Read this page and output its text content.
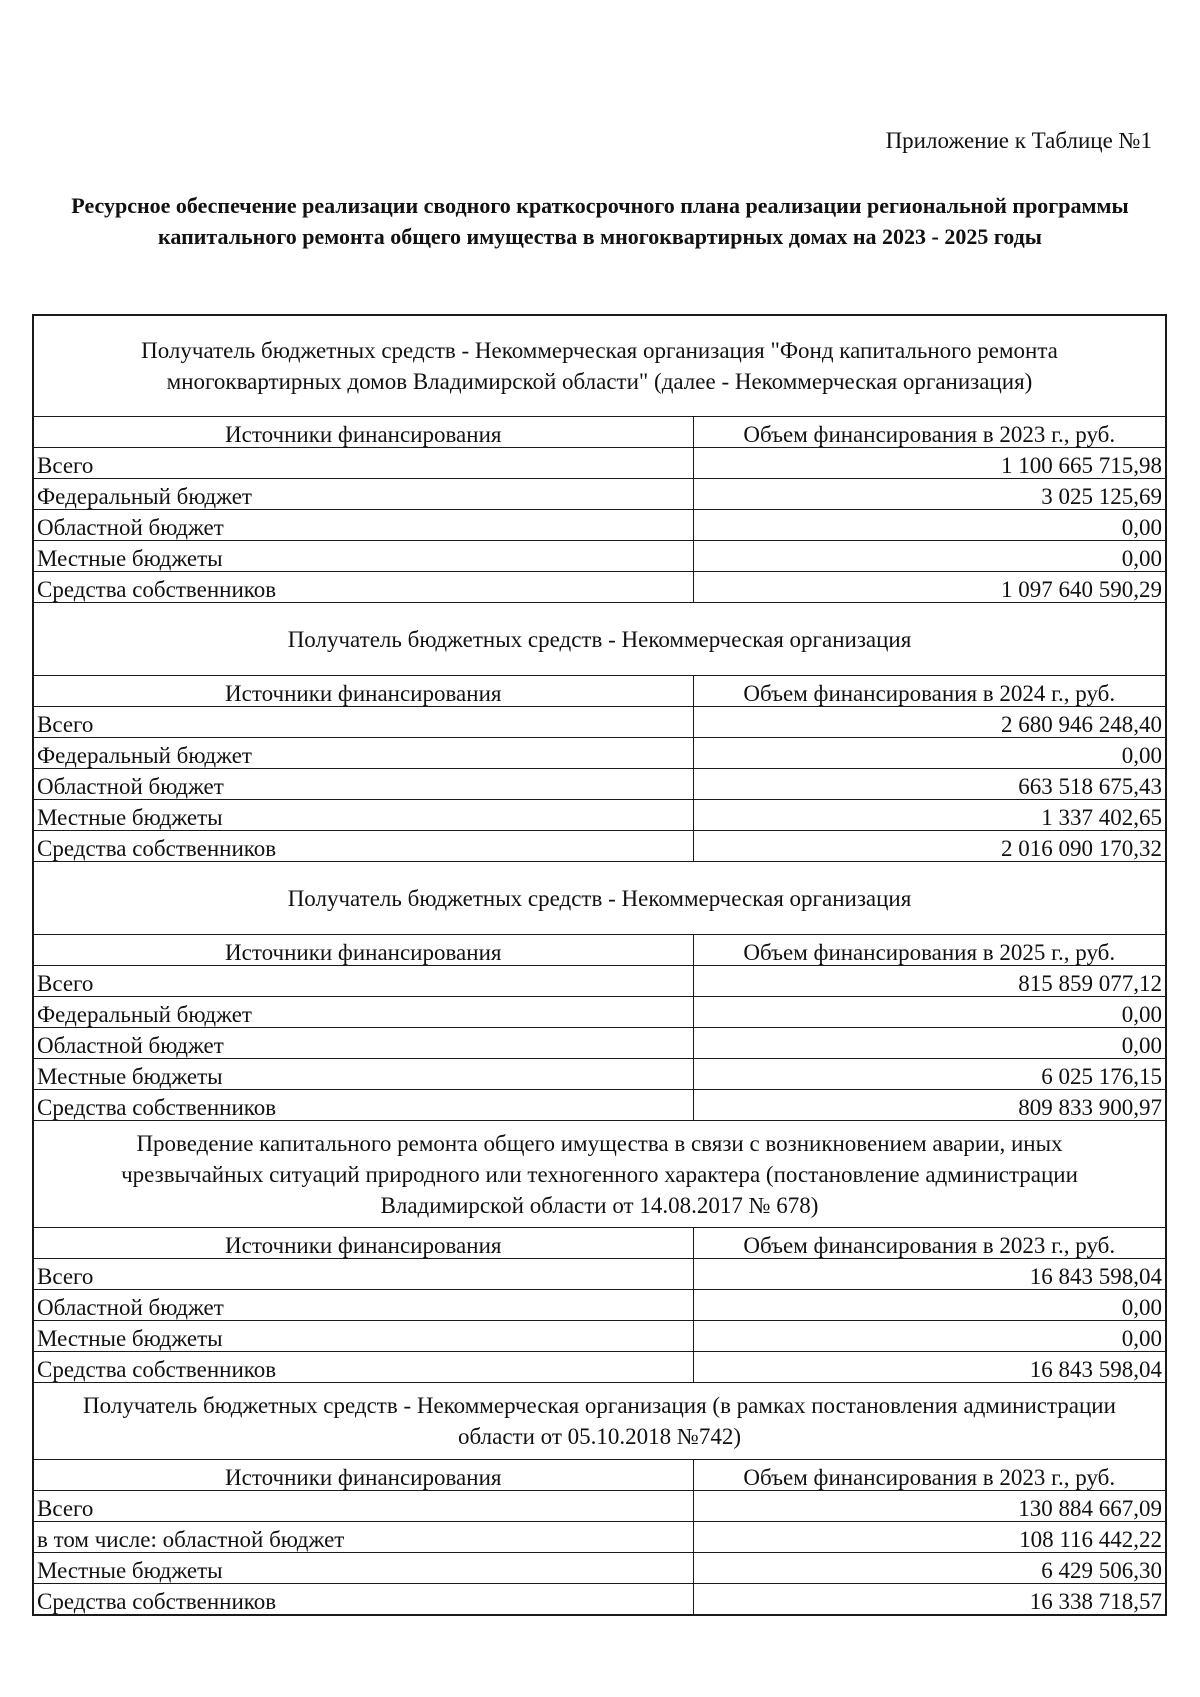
Приложение к Таблице №1
Ресурсное обеспечение реализации сводного краткосрочного плана реализации региональной программы капитального ремонта общего имущества в многоквартирных домах на 2023 - 2025 годы
Получатель бюджетных средств - Некоммерческая организация "Фонд капитального ремонта многоквартирных домов Владимирской области" (далее - Некоммерческая организация)	
Источники финансирования	Объем финансирования в 2023 г., руб.
Всего	1 100 665 715,98
Федеральный бюджет	3 025 125,69
Областной бюджет	0,00
Местные бюджеты	0,00
Средства собственников	1 097 640 590,29
Получатель бюджетных средств - Некоммерческая организация	
Источники финансирования	Объем финансирования в 2024 г., руб.
Всего	2 680 946 248,40
Федеральный бюджет	0,00
Областной бюджет	663 518 675,43
Местные бюджеты	1 337 402,65
Средства собственников	2 016 090 170,32
Получатель бюджетных средств - Некоммерческая организация	
Источники финансирования	Объем финансирования в 2025 г., руб.
Всего	815 859 077,12
Федеральный бюджет	0,00
Областной бюджет	0,00
Местные бюджеты	6 025 176,15
Средства собственников	809 833 900,97
Проведение капитального ремонта общего имущества в связи с возникновением аварии, иных чрезвычайных ситуаций природного или техногенного характера (постановление администрации Владимирской области от 14.08.2017 № 678)	
Источники финансирования	Объем финансирования в 2023 г., руб.
Всего	16 843 598,04
Областной бюджет	0,00
Местные бюджеты	0,00
Средства собственников	16 843 598,04
Получатель бюджетных средств - Некоммерческая организация (в рамках постановления администрации области от 05.10.2018 №742)	
Источники финансирования	Объем финансирования в 2023 г., руб.
Всего	130 884 667,09
в том числе: областной бюджет	108 116 442,22
Местные бюджеты	6 429 506,30
Средства собственников	16 338 718,57
